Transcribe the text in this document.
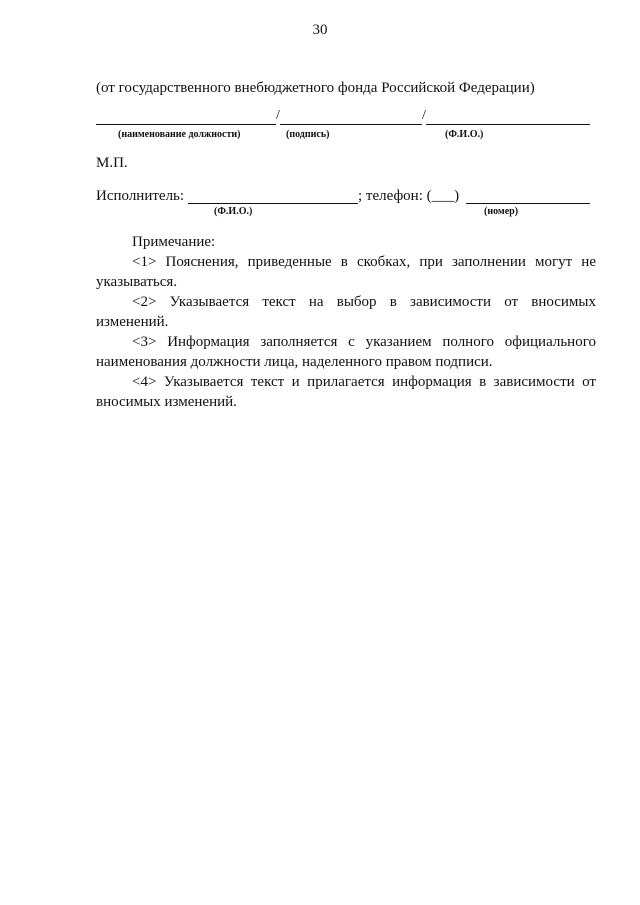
30
(от государственного внебюджетного фонда Российской Федерации)
/	/
(наименование должности)	(подпись)	(Ф.И.О.)
М.П.
Исполнитель:	; телефон: (___)
(Ф.И.О.)	(номер)

Примечание:

<1> Пояснения, приведенные в скобках, при заполнении могут не указываться.

<2> Указывается текст на выбор в зависимости от вносимых изменений.

<3> Информация заполняется с указанием полного официального наименования должности лица, наделенного правом подписи.

<4> Указывается текст и прилагается информация в зависимости от вносимых изменений.
